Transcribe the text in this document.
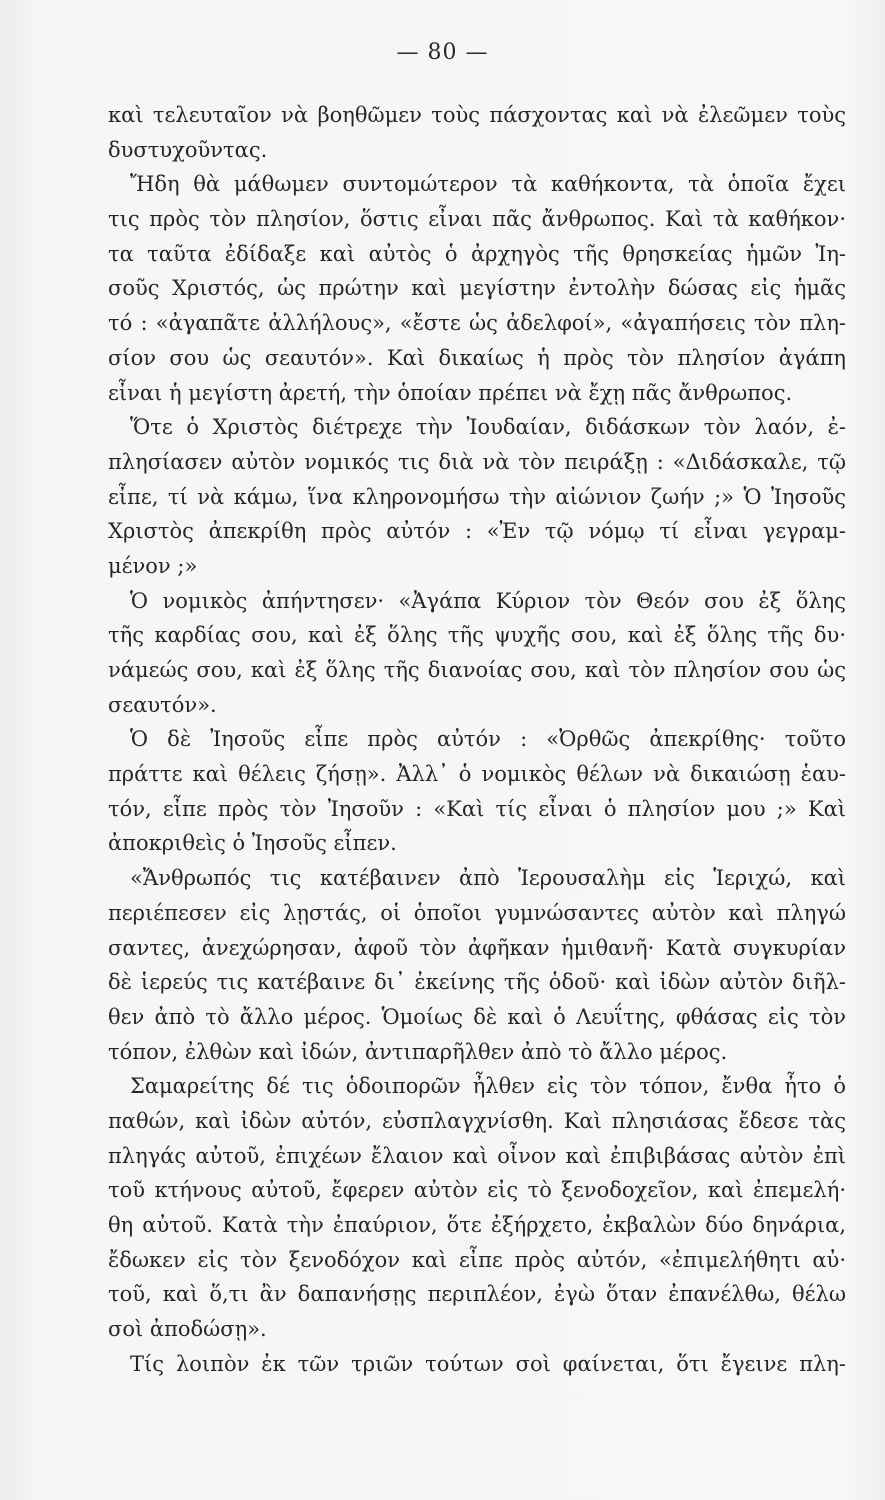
— 80 —
καὶ τελευταῖον νὰ βοηθῶμεν τοὺς πάσχοντας καὶ νὰ ἐλεῶμεν τοὺς
δυστυχοῦντας.
Ἤδη θὰ μάθωμεν συντομώτερον τὰ καθήκοντα, τὰ ὁποῖα ἔχει
τις πρὸς τὸν πλησίον, ὅστις εἶναι πᾶς ἄνθρωπος. Καὶ τὰ καθήκον·
τα ταῦτα ἐδίδαξε καὶ αὐτὸς ὁ ἀρχηγὸς τῆς θρησκείας ἡμῶν Ἰη-
σοῦς Χριστός, ὡς πρώτην καὶ μεγίστην ἐντολὴν δώσας εἰς ἡμᾶς
τό : «ἀγαπᾶτε ἀλλήλους», «ἔστε ὡς ἀδελφοί», «ἀγαπήσεις τὸν πλη-
σίον σου ὡς σεαυτόν». Καὶ δικαίως ἡ πρὸς τὸν πλησίον ἀγάπη
εἶναι ἡ μεγίστη ἀρετή, τὴν ὁποίαν πρέπει νὰ ἔχῃ πᾶς ἄνθρωπος.
Ὅτε ὁ Χριστὸς διέτρεχε τὴν Ἰουδαίαν, διδάσκων τὸν λαόν, ἐ-
πλησίασεν αὐτὸν νομικός τις διὰ νὰ τὸν πειράξῃ : «Διδάσκαλε, τῷ
εἶπε, τί νὰ κάμω, ἵνα κληρονομήσω τὴν αἰώνιον ζωήν ;» Ὁ Ἰησοῦς
Χριστὸς ἀπεκρίθη πρὸς αὐτόν : «Ἐν τῷ νόμῳ τί εἶναι γεγραμ-
μένον ;»
Ὁ νομικὸς ἀπήντησεν· «Ἀγάπα Κύριον τὸν Θεόν σου ἐξ ὅλης
τῆς καρδίας σου, καὶ ἐξ ὅλης τῆς ψυχῆς σου, καὶ ἐξ ὅλης τῆς δυ·
νάμεώς σου, καὶ ἐξ ὅλης τῆς διανοίας σου, καὶ τὸν πλησίον σου ὡς
σεαυτόν».
Ὁ δὲ Ἰησοῦς εἶπε πρὸς αὐτόν : «Ὀρθῶς ἀπεκρίθης· τοῦτο
πράττε καὶ θέλεις ζήσῃ». Ἀλλ᾽ ὁ νομικὸς θέλων νὰ δικαιώσῃ ἑαυ-
τόν, εἶπε πρὸς τὸν Ἰησοῦν : «Καὶ τίς εἶναι ὁ πλησίον μου ;» Καὶ
ἀποκριθεὶς ὁ Ἰησοῦς εἶπεν.
«Ἄνθρωπός τις κατέβαινεν ἀπὸ Ἱερουσαλὴμ εἰς Ἱεριχώ, καὶ
περιέπεσεν εἰς λῃστάς, οἱ ὁποῖοι γυμνώσαντες αὐτὸν καὶ πληγώ
σαντες, ἀνεχώρησαν, ἀφοῦ τὸν ἀφῆκαν ἡμιθανῆ· Κατὰ συγκυρίαν
δὲ ἱερεύς τις κατέβαινε δι᾽ ἐκείνης τῆς ὁδοῦ· καὶ ἰδὼν αὐτὸν διῆλ-
θεν ἀπὸ τὸ ἄλλο μέρος. Ὁμοίως δὲ καὶ ὁ Λευΐτης, φθάσας εἰς τὸν
τόπον, ἐλθὼν καὶ ἰδών, ἀντιπαρῆλθεν ἀπὸ τὸ ἄλλο μέρος.
Σαμαρείτης δέ τις ὁδοιπορῶν ἦλθεν εἰς τὸν τόπον, ἔνθα ἦτο ὁ
παθών, καὶ ἰδὼν αὐτόν, εὐσπλαγχνίσθη. Καὶ πλησιάσας ἔδεσε τὰς
πληγάς αὐτοῦ, ἐπιχέων ἔλαιον καὶ οἶνον καὶ ἐπιβιβάσας αὐτὸν ἐπὶ
τοῦ κτήνους αὐτοῦ, ἔφερεν αὐτὸν εἰς τὸ ξενοδοχεῖον, καὶ ἐπεμελή·
θη αὐτοῦ. Κατὰ τὴν ἐπαύριον, ὅτε ἐξήρχετο, ἐκβαλὼν δύο δηνάρια,
ἔδωκεν εἰς τὸν ξενοδόχον καὶ εἶπε πρὸς αὐτόν, «ἐπιμελήθητι αὐ·
τοῦ, καὶ ὅ,τι ἂν δαπανήσῃς περιπλέον, ἐγὼ ὅταν ἐπανέλθω, θέλω
σοὶ ἀποδώσῃ».
Τίς λοιπὸν ἐκ τῶν τριῶν τούτων σοὶ φαίνεται, ὅτι ἔγεινε πλη-
